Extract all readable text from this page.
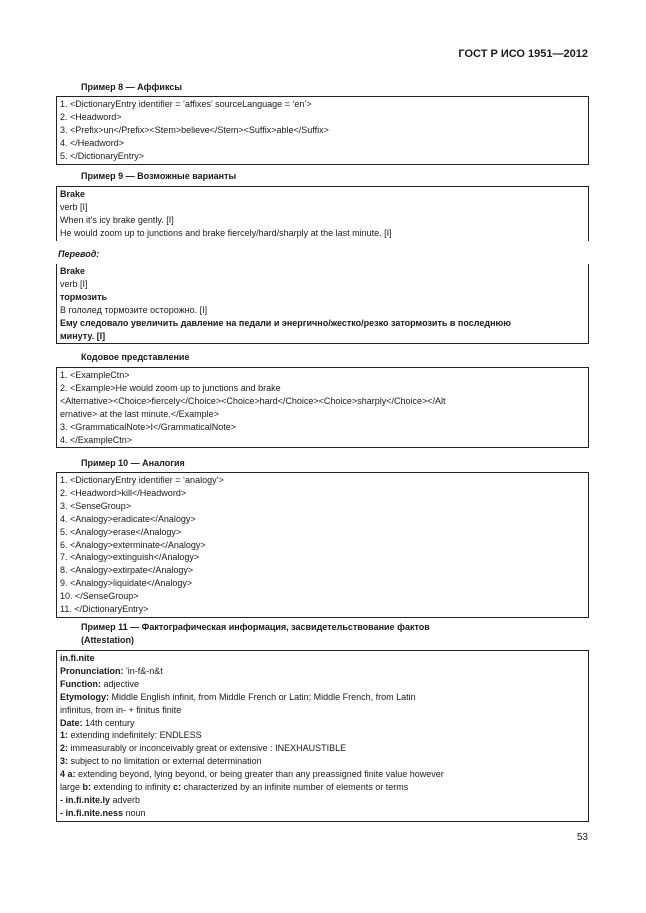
ГОСТ Р ИСО 1951—2012
Пример 8 — Аффиксы
1. <DictionaryEntry identifier = ‘affixes’ sourceLanguage = ‘en’>
2. <Headword>
3. <Prefix>un</Prefix><Stem>believe</Stem><Suffix>able</Suffix>
4. </Headword>
5. </DictionaryEntry>
Пример 9 — Возможные варианты
Brake
verb [I]
When it’s icy brake gently. [I]
He would zoom up to junctions and brake fiercely/hard/sharply at the last minute. [I]
Перевод:
Brake
verb [I]
тормозить
В гололед тормозите осторожно. [I]
Ему следовало увеличить давление на педали и энергично/жестко/резко затормозить в последнюю
минуту. [I]
Кодовое представление
1. <ExampleCtn>
2. <Example>He would zoom up to junctions and brake
<Alternative><Choice>fiercely</Choice><Choice>hard</Choice><Choice>sharply</Choice></Alt
ernative> at the last minute.</Example>
3. <GrammaticalNote>I</GrammaticalNote>
4. </ExampleCtn>
Пример 10 — Аналогия
1. <DictionaryEntry identifier = ‘analogy’>
2. <Headword>kill</Headword>
3. <SenseGroup>
4. <Analogy>eradicate</Analogy>
5. <Analogy>erase</Analogy>
6. <Analogy>exterminate</Analogy>
7. <Analogy>extinguish</Analogy>
8. <Analogy>extirpate</Analogy>
9. <Analogy>liquidate</Analogy>
10. </SenseGroup>
11. </DictionaryEntry>
Пример 11 — Фактографическая информация, засвидетельствование фактов
(Attestation)
in.fi.nite
Pronunciation: 'in-f&-n&t
Function: adjective
Etymology: Middle English infinit, from Middle French or Latin; Middle French, from Latin
infinitus, from in- + finitus finite
Date: 14th century
1: extending indefinitely: ENDLESS
2: immeasurably or inconceivably great or extensive : INEXHAUSTIBLE
3: subject to no limitation or external determination
4 a: extending beyond, lying beyond, or being greater than any preassigned finite value however
large b: extending to infinity c: characterized by an infinite number of elements or terms
- in.fi.nite.ly adverb
- in.fi.nite.ness noun
53
